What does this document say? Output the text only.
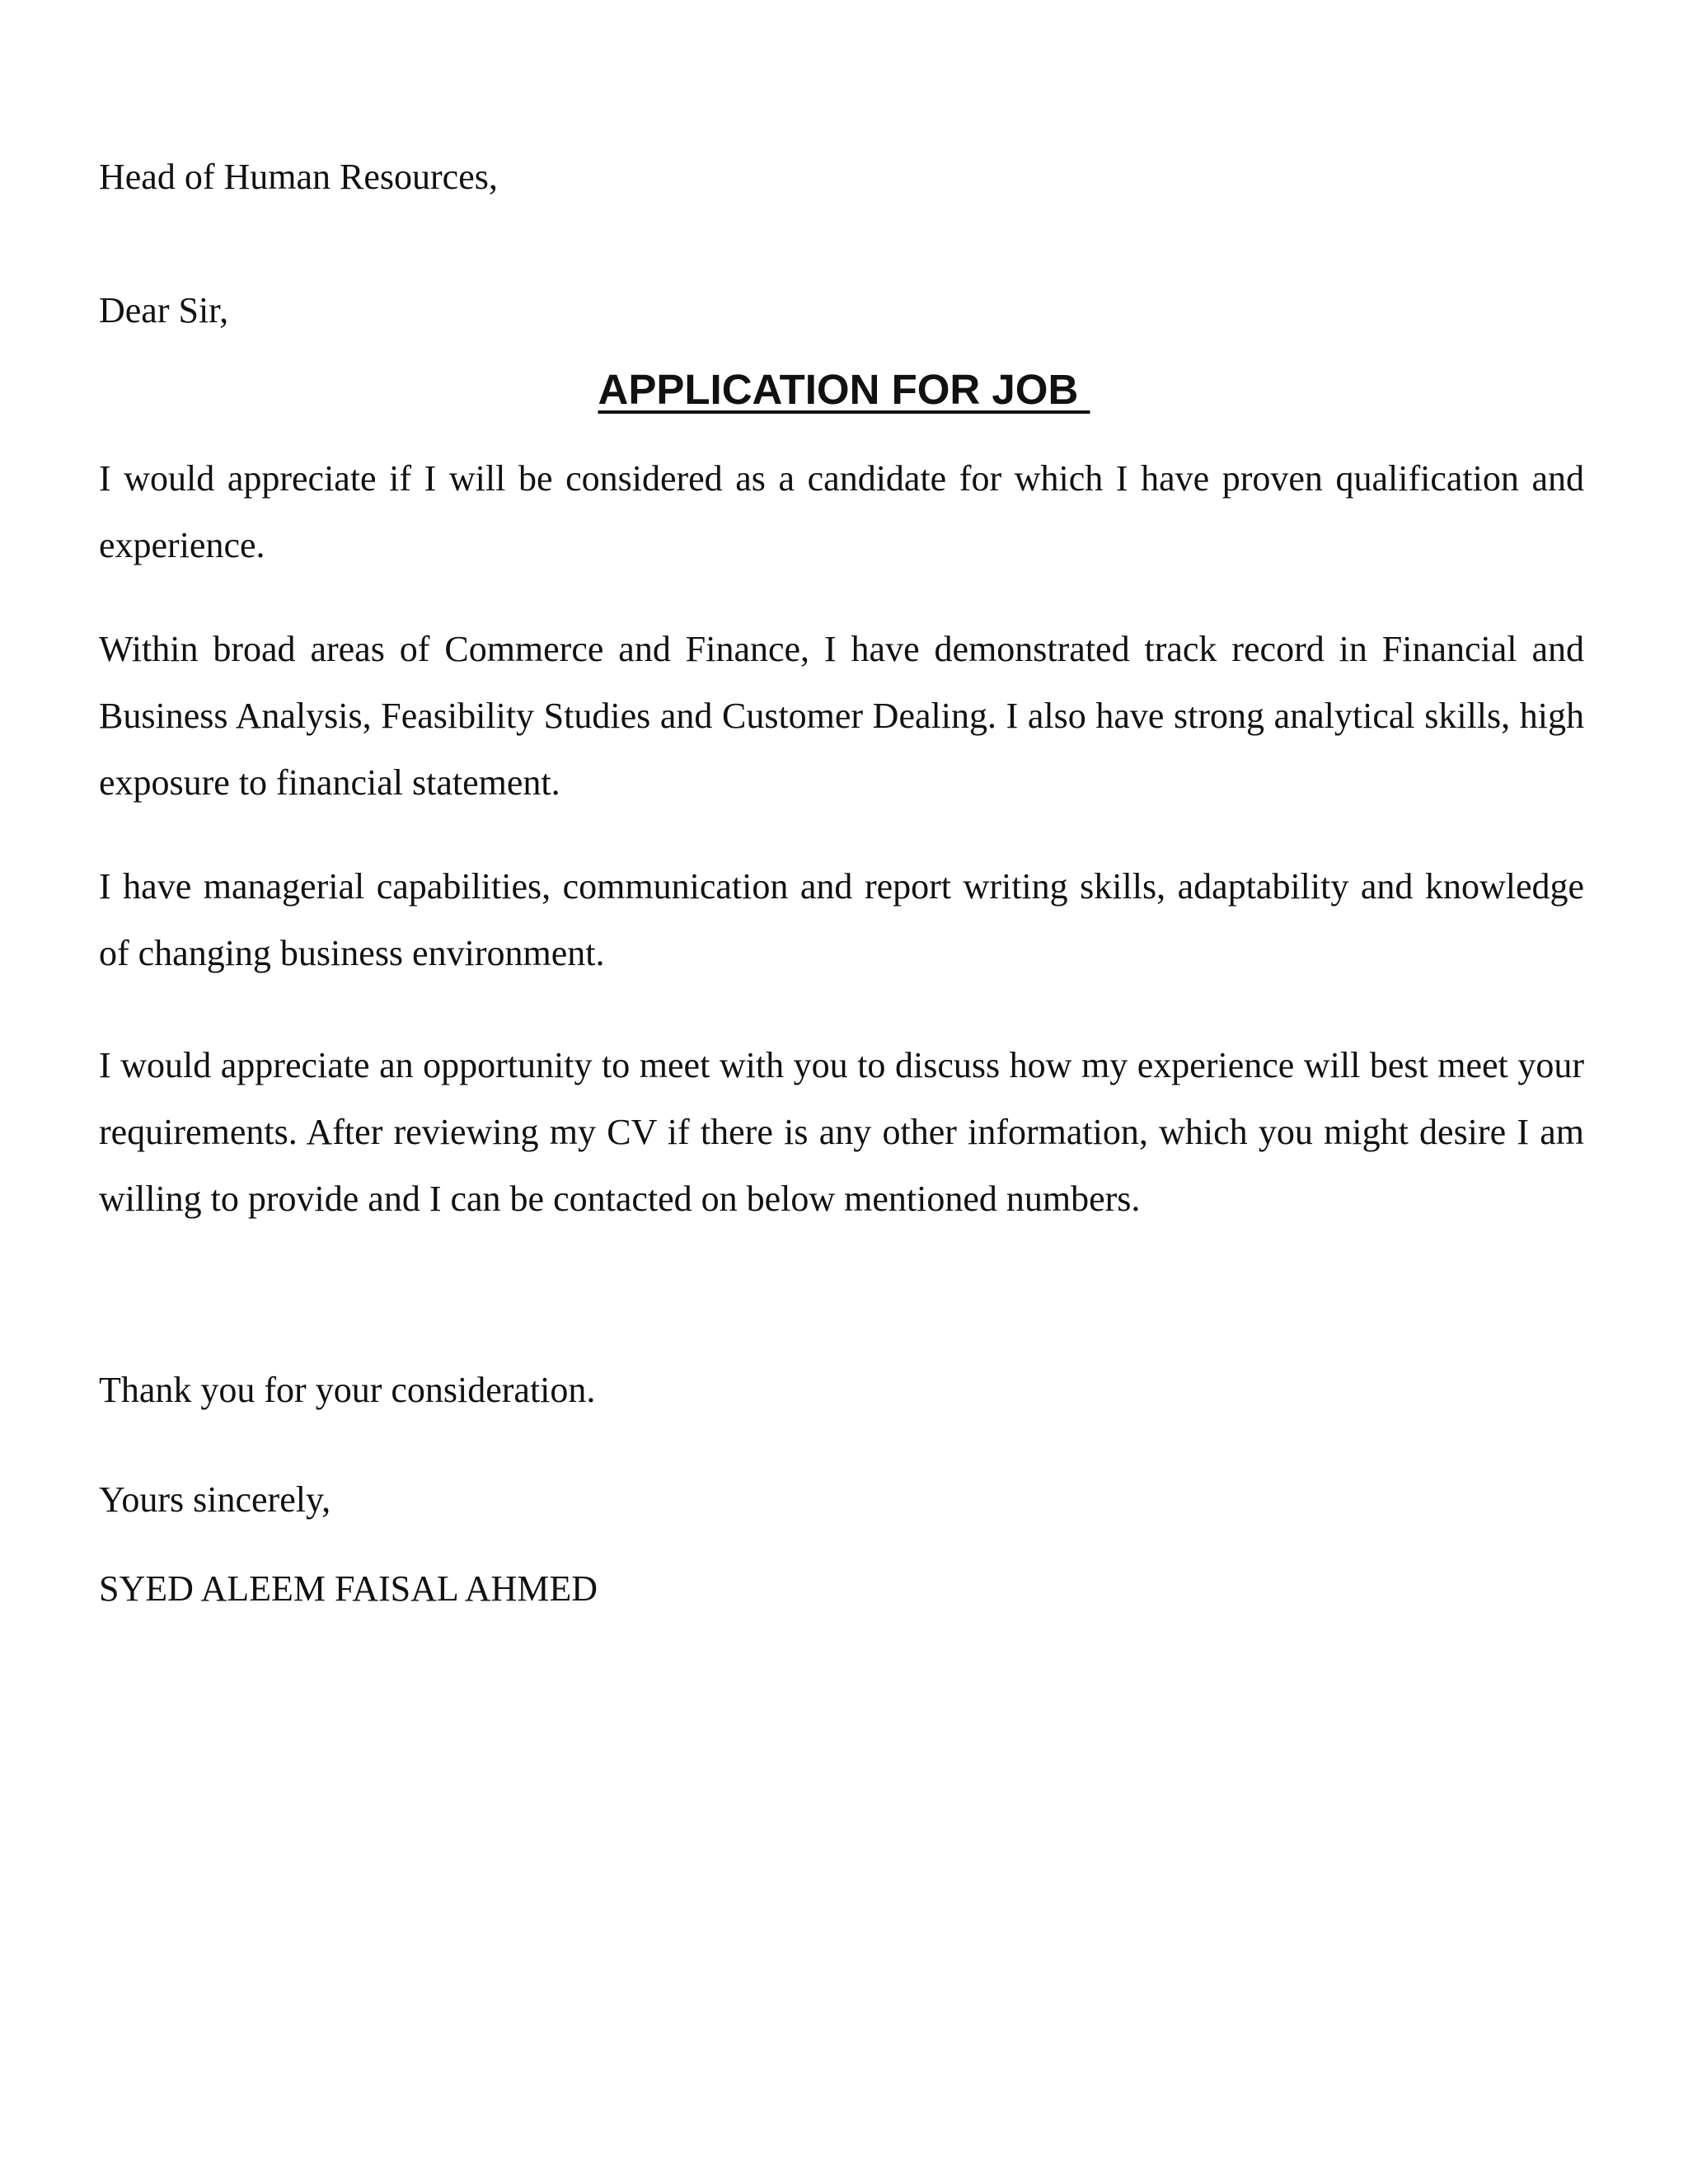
Head of Human Resources,
Dear Sir,
APPLICATION FOR JOB
I would appreciate if I will be considered as a candidate for which I have proven qualification and experience.
Within broad areas of Commerce and Finance, I have demonstrated track record in Financial and Business Analysis, Feasibility Studies and Customer Dealing. I also have strong analytical skills, high exposure to financial statement.
I have managerial capabilities, communication and report writing skills, adaptability and knowledge of changing business environment.
I would appreciate an opportunity to meet with you to discuss how my experience will best meet your requirements. After reviewing my CV if there is any other information, which you might desire I am willing to provide and I can be contacted on below mentioned numbers.
Thank you for your consideration.
Yours sincerely,
SYED ALEEM FAISAL AHMED
